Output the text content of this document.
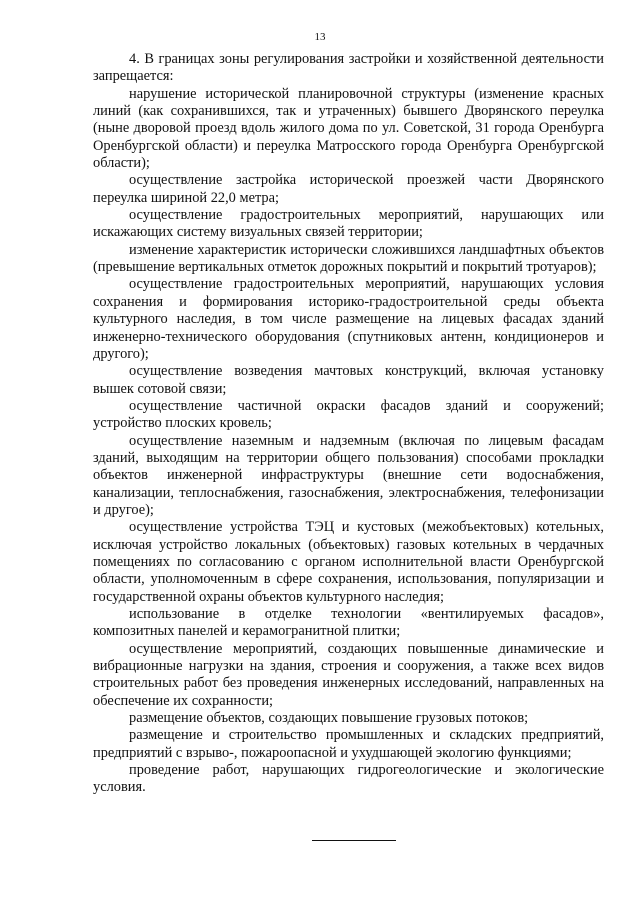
13

4. В границах зоны регулирования застройки и хозяйственной деятельности запрещается:

нарушение исторической планировочной структуры (изменение красных линий (как сохранившихся, так и утраченных) бывшего Дворянского переулка (ныне дворовой проезд вдоль жилого дома по ул. Советской, 31 города Оренбурга Оренбургской области) и переулка Матросского города Оренбурга Оренбургской области);

осуществление застройка исторической проезжей части Дворянского переулка шириной 22,0 метра;

осуществление градостроительных мероприятий, нарушающих или искажающих систему визуальных связей территории;

изменение характеристик исторически сложившихся ландшафтных объектов (превышение вертикальных отметок дорожных покрытий и покрытий тротуаров);

осуществление градостроительных мероприятий, нарушающих условия сохранения и формирования историко-градостроительной среды объекта культурного наследия, в том числе размещение на лицевых фасадах зданий инженерно-технического оборудования (спутниковых антенн, кондиционеров и другого);

осуществление возведения мачтовых конструкций, включая установку вышек сотовой связи;

осуществление частичной окраски фасадов зданий и сооружений; устройство плоских кровель;

осуществление наземным и надземным (включая по лицевым фасадам зданий, выходящим на территории общего пользования) способами прокладки объектов инженерной инфраструктуры (внешние сети водоснабжения, канализации, теплоснабжения, газоснабжения, электроснабжения, телефонизации и другое);

осуществление устройства ТЭЦ и кустовых (межобъектовых) котельных, исключая устройство локальных (объектовых) газовых котельных в чердачных помещениях по согласованию с органом исполнительной власти Оренбургской области, уполномоченным в сфере сохранения, использования, популяризации и государственной охраны объектов культурного наследия;

использование в отделке технологии «вентилируемых фасадов», композитных панелей и керамогранитной плитки;

осуществление мероприятий, создающих повышенные динамические и вибрационные нагрузки на здания, строения и сооружения, а также всех видов строительных работ без проведения инженерных исследований, направленных на обеспечение их сохранности;

размещение объектов, создающих повышение грузовых потоков;

размещение и строительство промышленных и складских предприятий, предприятий с взрыво-, пожароопасной и ухудшающей экологию функциями;

проведение работ, нарушающих гидрогеологические и экологические условия.
